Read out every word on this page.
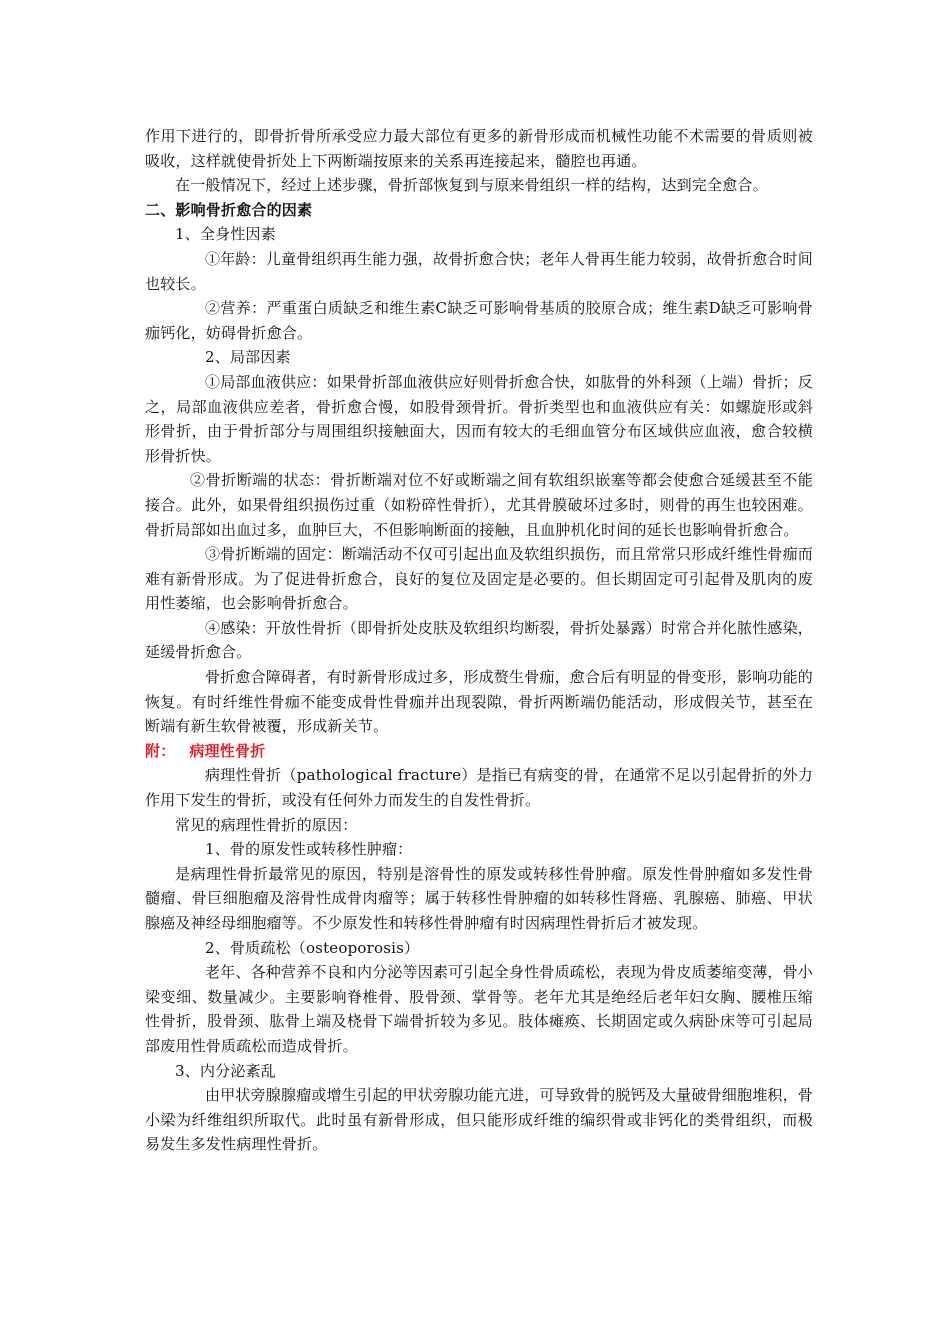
作用下进行的，即骨折骨所承受应力最大部位有更多的新骨形成而机械性功能不术需要的骨质则被吸收，这样就使骨折处上下两断端按原来的关系再连接起来，髓腔也再通。

在一般情况下，经过上述步骤，骨折部恢复到与原来骨组织一样的结构，达到完全愈合。

二、影响骨折愈合的因素

1、全身性因素

①年龄：儿童骨组织再生能力强，故骨折愈合快；老年人骨再生能力较弱，故骨折愈合时间也较长。

②营养：严重蛋白质缺乏和维生素C缺乏可影响骨基质的胶原合成；维生素D缺乏可影响骨痂钙化，妨碍骨折愈合。

2、局部因素

①局部血液供应：如果骨折部血液供应好则骨折愈合快，如肱骨的外科颈（上端）骨折；反之，局部血液供应差者，骨折愈合慢，如股骨颈骨折。骨折类型也和血液供应有关：如螺旋形或斜形骨折，由于骨折部分与周围组织接触面大，因而有较大的毛细血管分布区域供应血液，愈合较横形骨折快。

②骨折断端的状态：骨折断端对位不好或断端之间有软组织嵌塞等都会使愈合延缓甚至不能接合。此外，如果骨组织损伤过重（如粉碎性骨折），尤其骨膜破坏过多时，则骨的再生也较困难。骨折局部如出血过多，血肿巨大，不但影响断面的接触，且血肿机化时间的延长也影响骨折愈合。

③骨折断端的固定：断端活动不仅可引起出血及软组织损伤，而且常常只形成纤维性骨痂而难有新骨形成。为了促进骨折愈合，良好的复位及固定是必要的。但长期固定可引起骨及肌肉的废用性萎缩，也会影响骨折愈合。

④感染：开放性骨折（即骨折处皮肤及软组织均断裂，骨折处暴露）时常合并化脓性感染，延缓骨折愈合。

骨折愈合障碍者，有时新骨形成过多，形成赘生骨痂，愈合后有明显的骨变形，影响功能的恢复。有时纤维性骨痂不能变成骨性骨痂并出现裂隙，骨折两断端仍能活动，形成假关节，甚至在断端有新生软骨被覆，形成新关节。

附： 病理性骨折

病理性骨折（pathological fracture）是指已有病变的骨，在通常不足以引起骨折的外力作用下发生的骨折，或没有任何外力而发生的自发性骨折。

常见的病理性骨折的原因：

1、骨的原发性或转移性肿瘤：

是病理性骨折最常见的原因，特别是溶骨性的原发或转移性骨肿瘤。原发性骨肿瘤如多发性骨髓瘤、骨巨细胞瘤及溶骨性成骨肉瘤等；属于转移性骨肿瘤的如转移性肾癌、乳腺癌、肺癌、甲状腺癌及神经母细胞瘤等。不少原发性和转移性骨肿瘤有时因病理性骨折后才被发现。

2、骨质疏松（osteoporosis）

老年、各种营养不良和内分泌等因素可引起全身性骨质疏松，表现为骨皮质萎缩变薄，骨小梁变细、数量减少。主要影响脊椎骨、股骨颈、掌骨等。老年尤其是绝经后老年妇女胸、腰椎压缩性骨折，股骨颈、肱骨上端及桡骨下端骨折较为多见。肢体瘫痪、长期固定或久病卧床等可引起局部废用性骨质疏松而造成骨折。

3、内分泌紊乱

由甲状旁腺腺瘤或增生引起的甲状旁腺功能亢进，可导致骨的脱钙及大量破骨细胞堆积，骨小梁为纤维组织所取代。此时虽有新骨形成，但只能形成纤维的编织骨或非钙化的类骨组织，而极易发生多发性病理性骨折。
